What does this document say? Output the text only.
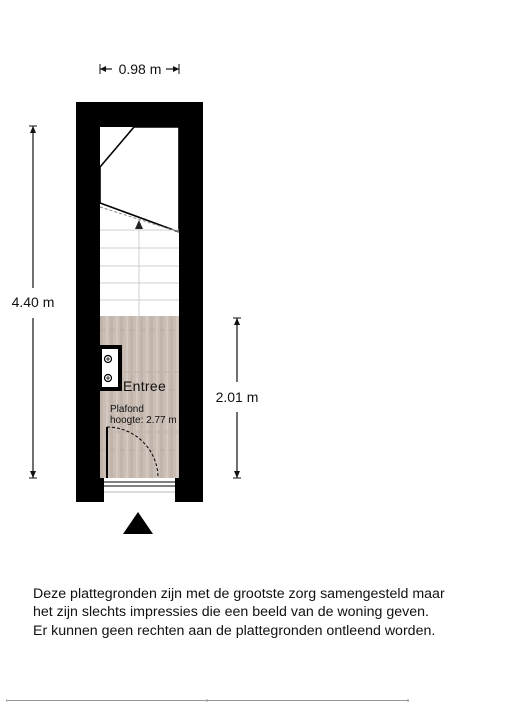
0.98 m
4.40 m
2.01 m
Entree
Plafond
hoogte: 2.77 m
Deze plattegronden zijn met de grootste zorg samengesteld maar
het zijn slechts impressies die een beeld van de woning geven.
Er kunnen geen rechten aan de plattegronden ontleend worden.
